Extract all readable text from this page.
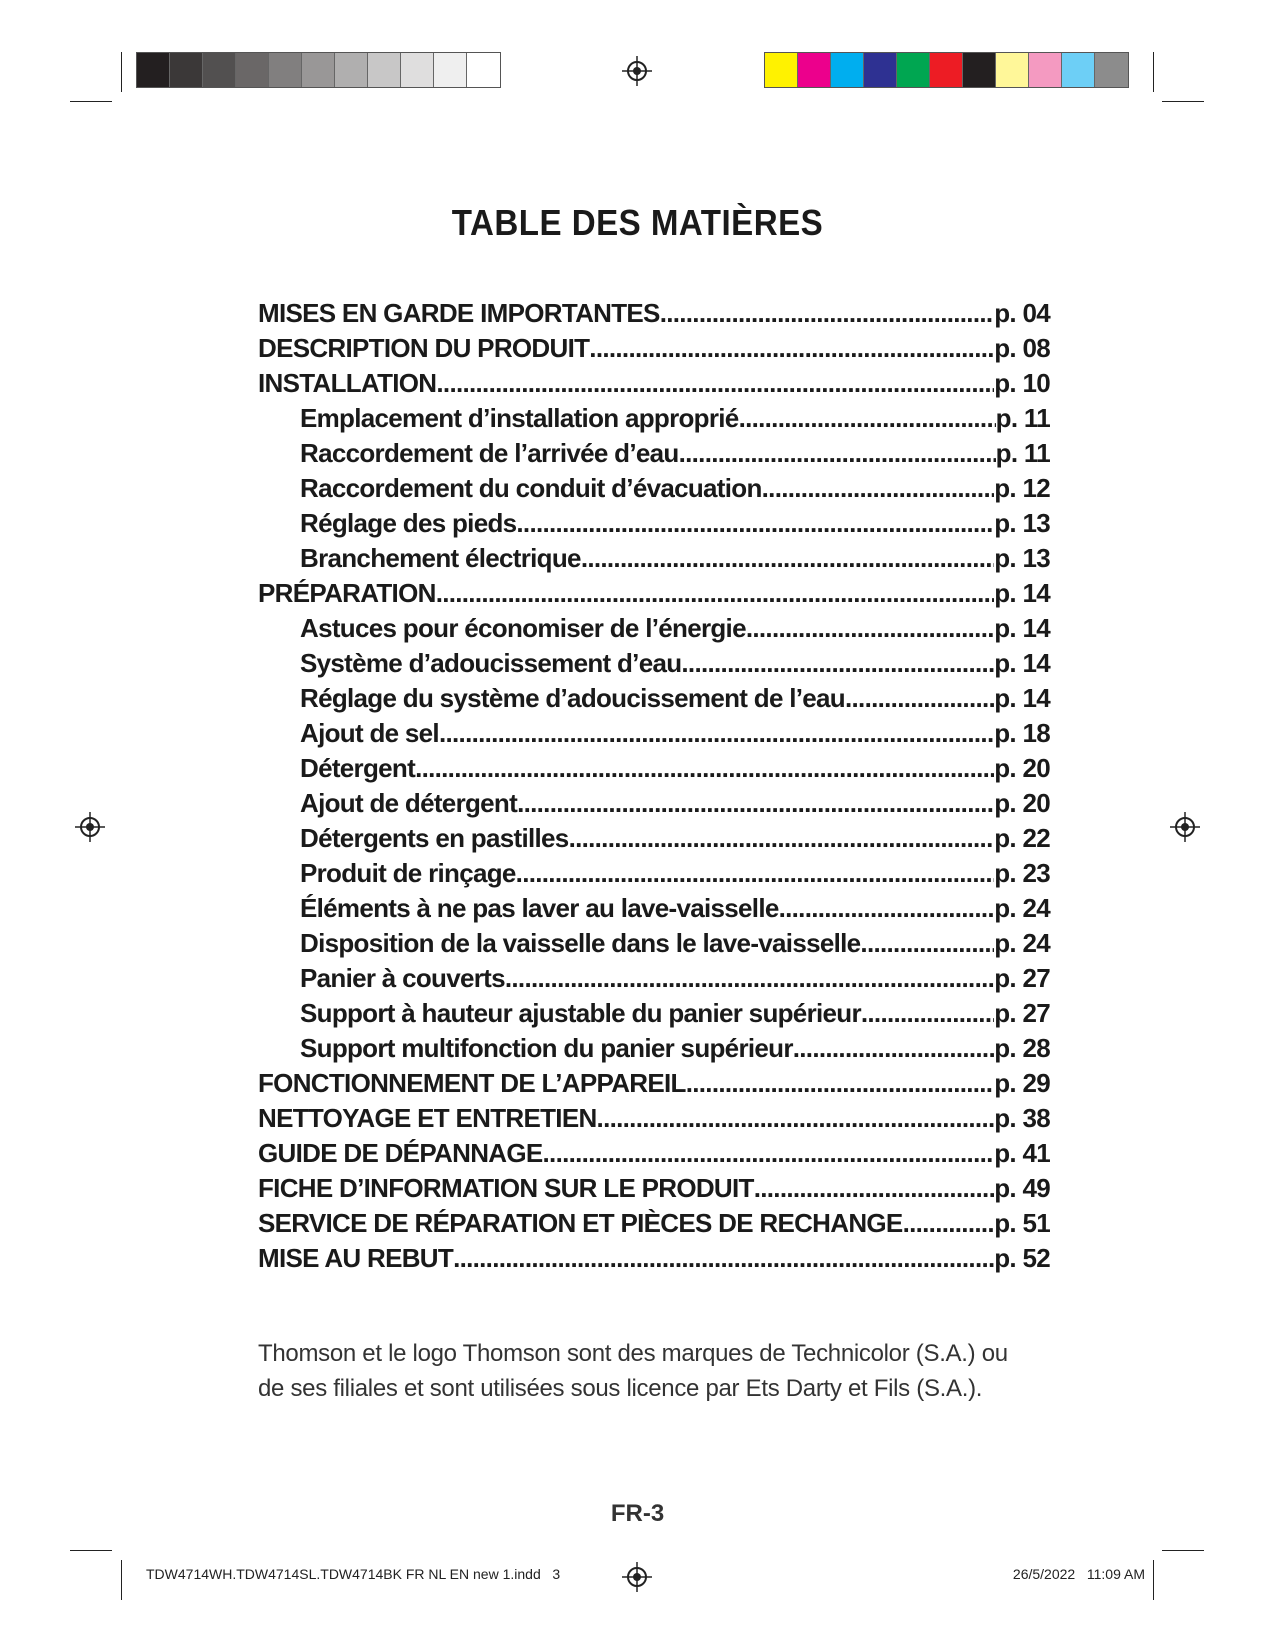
TABLE DES MATIÈRES
MISES EN GARDE IMPORTANTES .....	p. 04
DESCRIPTION DU PRODUIT .....	p. 08
INSTALLATION .....	p. 10
Emplacement d’installation approprié .....	p. 11
Raccordement de l’arrivée d’eau .....	p. 11
Raccordement du conduit d’évacuation .....	p. 12
Réglage des pieds .....	p. 13
Branchement électrique .....	p. 13
PRÉPARATION .....	p. 14
Astuces pour économiser de l’énergie .....	p. 14
Système d’adoucissement d’eau .....	p. 14
Réglage du système d’adoucissement de l’eau .....	p. 14
Ajout de sel .....	p. 18
Détergent .....	p. 20
Ajout de détergent .....	p. 20
Détergents en pastilles .....	p. 22
Produit de rinçage .....	p. 23
Éléments à ne pas laver au lave-vaisselle .....	p. 24
Disposition de la vaisselle dans le lave-vaisselle .....	p. 24
Panier à couverts .....	p. 27
Support à hauteur ajustable du panier supérieur .....	p. 27
Support multifonction du panier supérieur .....	p. 28
FONCTIONNEMENT DE L’APPAREIL .....	p. 29
NETTOYAGE ET ENTRETIEN .....	p. 38
GUIDE DE DÉPANNAGE .....	p. 41
FICHE D’INFORMATION SUR LE PRODUIT .....	p. 49
SERVICE DE RÉPARATION ET PIÈCES DE RECHANGE .....	p. 51
MISE AU REBUT .....	p. 52
Thomson et le logo Thomson sont des marques de Technicolor (S.A.) ou
de ses filiales et sont utilisées sous licence par Ets Darty et Fils (S.A.).
FR-3
TDW4714WH.TDW4714SL.TDW4714BK FR NL EN new 1.indd   3	26/5/2022   11:09 AM
